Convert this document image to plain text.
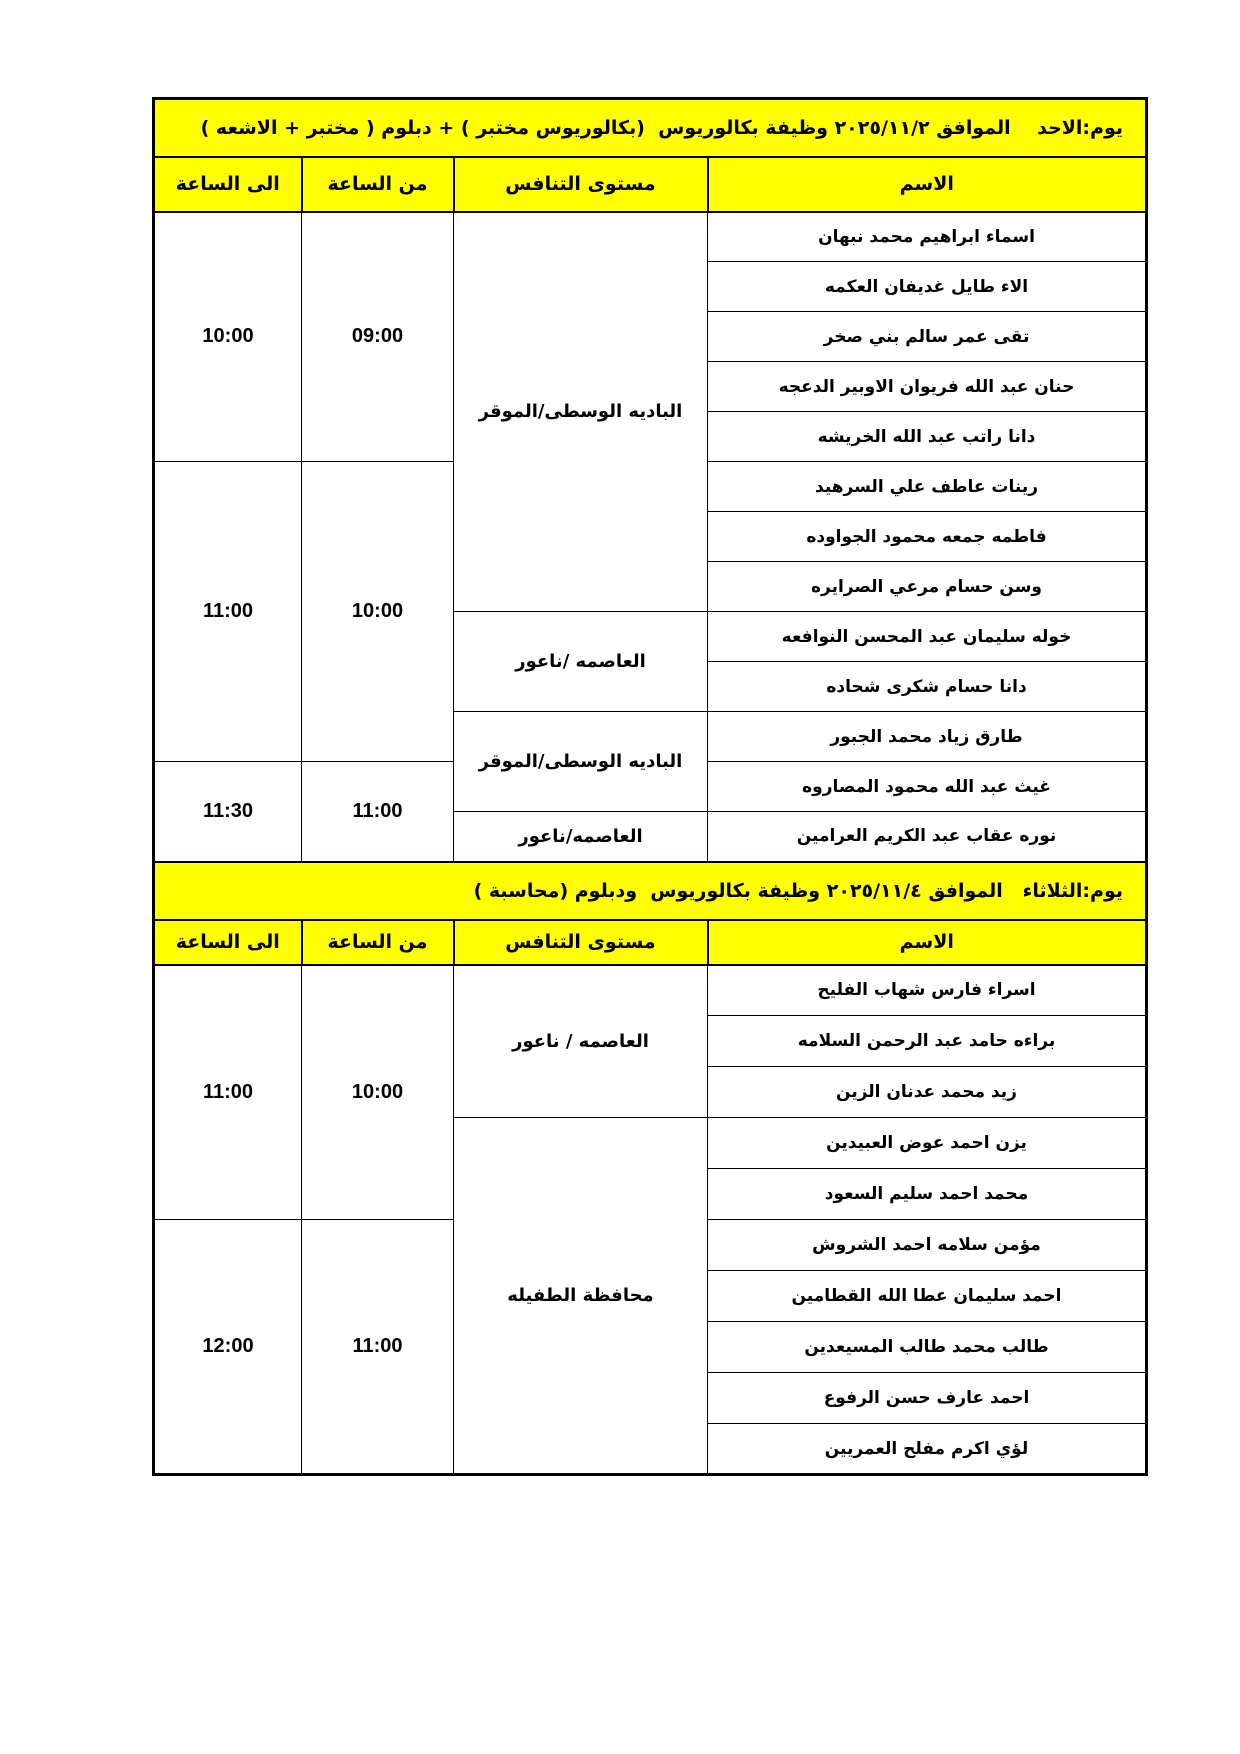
يوم:الاحد    الموافق ٢٠٢٥/١١/٢ وظيفة بكالوريوس  (بكالوريوس مختبر ) + دبلوم ( مختبر + الاشعه )			
الاسم	مستوى التنافس	من الساعة	الى الساعة
اسماء ابراهيم محمد نبهان	الباديه الوسطى/الموقر	09:00	10:00
الاء طايل غديفان العكمه			
تقى عمر سالم بني صخر			
حنان عبد الله فريوان الاوبير الدعجه			
دانا راتب عبد الله الخريشه			
رينات عاطف علي السرهيد		10:00	11:00
فاطمه جمعه محمود الجواوده			
وسن حسام مرعي الصرايره			
خوله سليمان عبد المحسن النوافعه	العاصمه /ناعور		
دانا حسام شكرى شحاده			
طارق زياد محمد الجبور	الباديه الوسطى/الموقر		
غيث عبد الله محمود المصاروه		11:00	11:30
نوره عقاب عبد الكريم العرامين	العاصمه/ناعور		
يوم:الثلاثاء   الموافق ٢٠٢٥/١١/٤ وظيفة بكالوريوس  ودبلوم (محاسبة )			
الاسم	مستوى التنافس	من الساعة	الى الساعة
اسراء فارس شهاب الفليح	العاصمه / ناعور	10:00	11:00
براءه حامد عبد الرحمن السلامه			
زيد محمد عدنان الزين			
يزن احمد عوض العبيدين	محافظة الطفيله		
محمد احمد سليم السعود			
مؤمن سلامه احمد الشروش		11:00	12:00
احمد سليمان عطا الله القطامين			
طالب محمد طالب المسيعدين			
احمد عارف حسن الرفوع			
لؤي اكرم مفلح العمريين			
